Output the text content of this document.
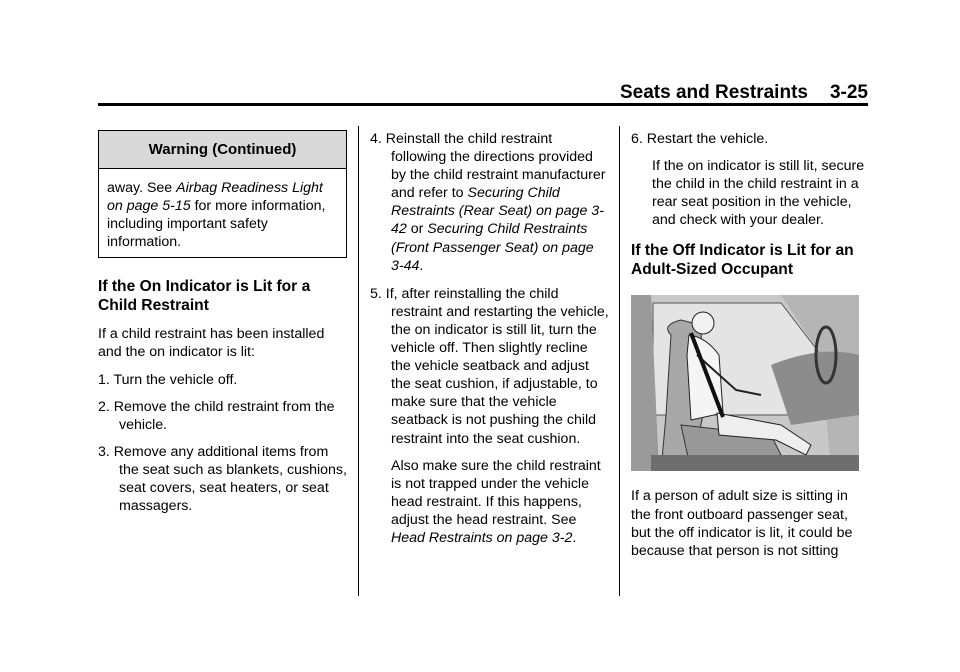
Seats and Restraints 3-25
Warning (Continued)
away. See Airbag Readiness Light on page 5-15 for more information, including important safety information.
If the On Indicator is Lit for a Child Restraint

If a child restraint has been installed and the on indicator is lit:

1. Turn the vehicle off.

2. Remove the child restraint from the vehicle.

3. Remove any additional items from the seat such as blankets, cushions, seat covers, seat heaters, or seat massagers.

4. Reinstall the child restraint following the directions provided by the child restraint manufacturer and refer to Securing Child Restraints (Rear Seat) on page 3-42 or Securing Child Restraints (Front Passenger Seat) on page 3-44.

5. If, after reinstalling the child restraint and restarting the vehicle, the on indicator is still lit, turn the vehicle off. Then slightly recline the vehicle seatback and adjust the seat cushion, if adjustable, to make sure that the vehicle seatback is not pushing the child restraint into the seat cushion.

Also make sure the child restraint is not trapped under the vehicle head restraint. If this happens, adjust the head restraint. See Head Restraints on page 3-2.

6. Restart the vehicle.

If the on indicator is still lit, secure the child in the child restraint in a rear seat position in the vehicle, and check with your dealer.

If the Off Indicator is Lit for an Adult-Sized Occupant

If a person of adult size is sitting in the front outboard passenger seat, but the off indicator is lit, it could be because that person is not sitting
